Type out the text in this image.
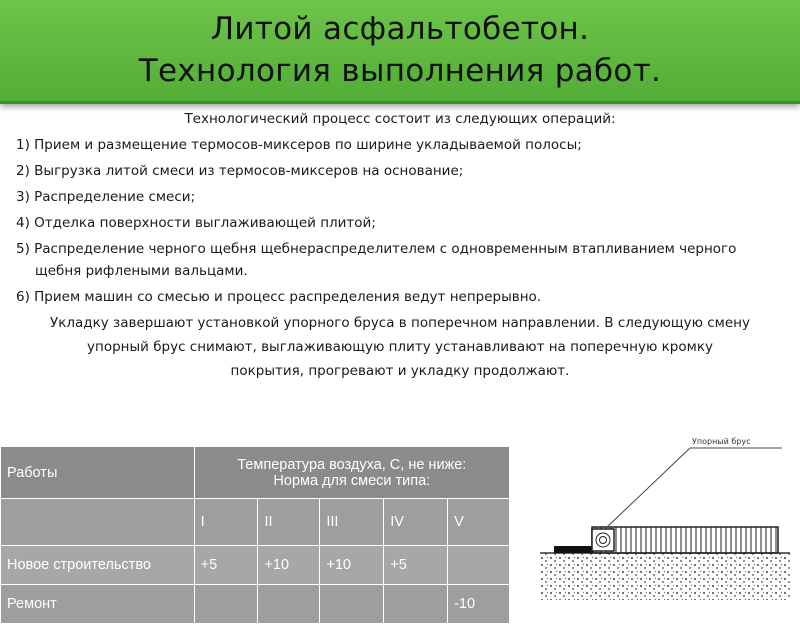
Литой асфальтобетон.
Технология выполнения работ.
Технологический процесс состоит из следующих операций:
1) Прием и размещение термосов-миксеров по ширине укладываемой полосы;
2) Выгрузка литой смеси из термосов-миксеров на основание;
3) Распределение смеси;
4) Отделка поверхности выглаживающей плитой;
5) Распределение черного щебня щебнераспределителем с одновременным втапливанием черного
щебня рифлеными вальцами.
6) Прием машин со смесью и процесс распределения ведут непрерывно.
Укладку завершают установкой упорного бруса в поперечном направлении. В следующую смену
упорный брус снимают, выглаживающую плиту устанавливают на поперечную кромку
покрытия, прогревают и укладку продолжают.
Работы	Температура воздуха, С, не ниже:
Норма для смеси типа:				
	I	II	III	IV	V
Новое строительство	+5	+10	+10	+5	
Ремонт					-10
Упорный брус
